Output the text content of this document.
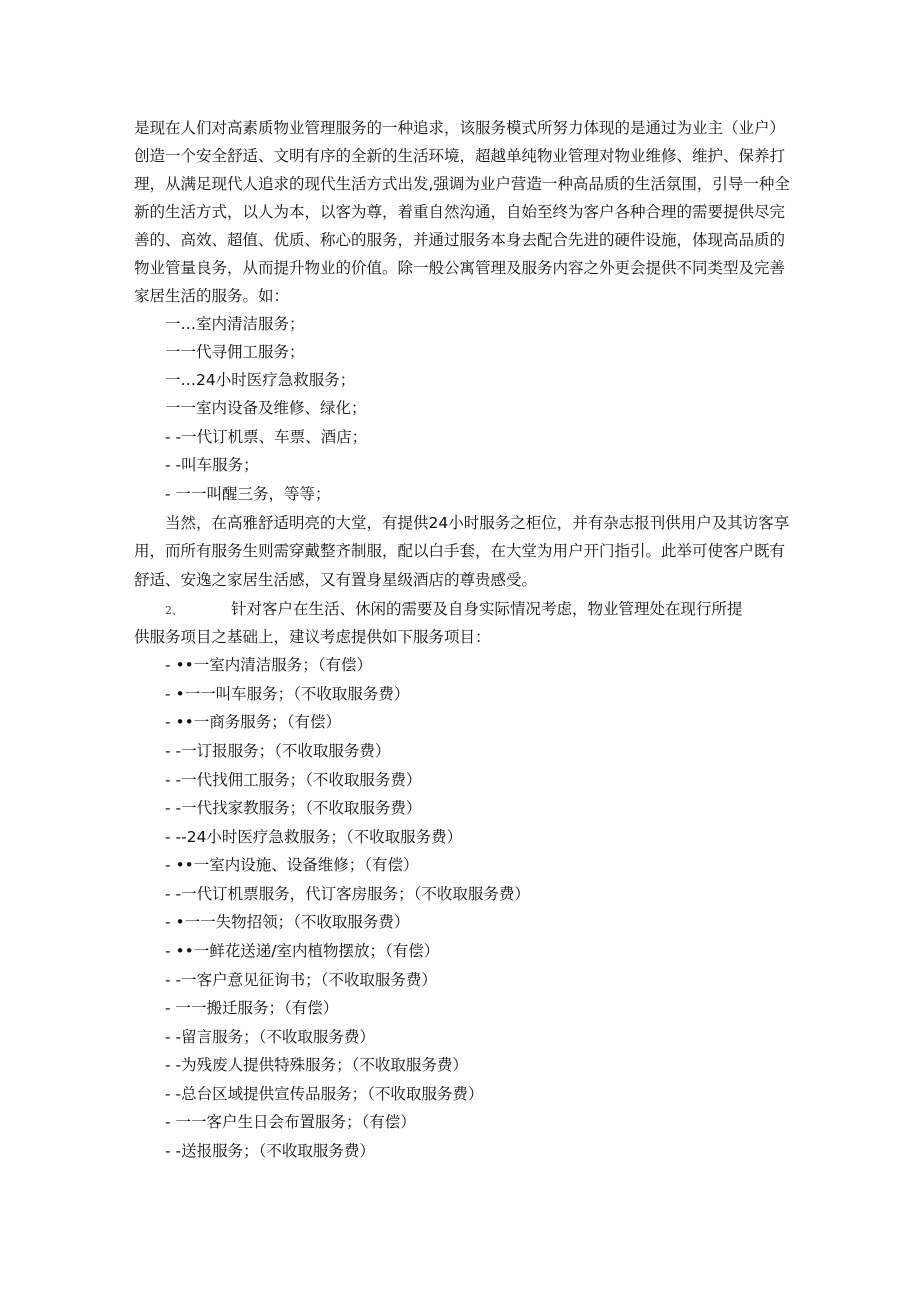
是现在人们对高素质物业管理服务的一种追求，该服务模式所努力体现的是通过为业主（业户）
创造一个安全舒适、文明有序的全新的生活环境，超越单纯物业管理对物业维修、维护、保养打
理，从满足现代人追求的现代生活方式出发,强调为业户营造一种高品质的生活氛围，引导一种全
新的生活方式，以人为本，以客为尊，着重自然沟通，自始至终为客户各种合理的需要提供尽完
善的、高效、超值、优质、称心的服务，并通过服务本身去配合先进的硬件设施，体现高品质的
物业管量良务，从而提升物业的价值。除一般公寓管理及服务内容之外更会提供不同类型及完善
家居生活的服务。如：
一…室内清洁服务；
一一代寻佣工服务；
一…24小时医疗急救服务；
一一室内设备及维修、绿化；
- -一代订机票、车票、酒店；
- -叫车服务；
- 一一叫醒三务，等等；
当然，在高雅舒适明亮的大堂，有提供24小时服务之柜位，并有杂志报刊供用户及其访客享
用，而所有服务生则需穿戴整齐制服，配以白手套，在大堂为用户开门指引。此举可使客户既有
舒适、安逸之家居生活感，又有置身星级酒店的尊贵感受。
2、	针对客户在生活、休闲的需要及自身实际情况考虑，物业管理处在现行所提
供服务项目之基础上，建议考虑提供如下服务项目：
- ••一室内清洁服务；（有偿）
- •一一叫车服务；（不收取服务费）
- ••一商务服务；（有偿）
- -一订报服务；（不收取服务费）
- -一代找佣工服务；（不收取服务费）
- -一代找家教服务；（不收取服务费）
- --24小时医疗急救服务；（不收取服务费）
- ••一室内设施、设备维修；（有偿）
- -一代订机票服务，代订客房服务；（不收取服务费）
- •一一失物招领；（不收取服务费）
- ••一鲜花送递/室内植物摆放；（有偿）
- -一客户意见征询书；（不收取服务费）
- 一一搬迁服务；（有偿）
- -留言服务；（不收取服务费）
- -为残废人提供特殊服务；（不收取服务费）
- -总台区域提供宣传品服务；（不收取服务费）
- 一一客户生日会布置服务；（有偿）
- -送报服务；（不收取服务费）
